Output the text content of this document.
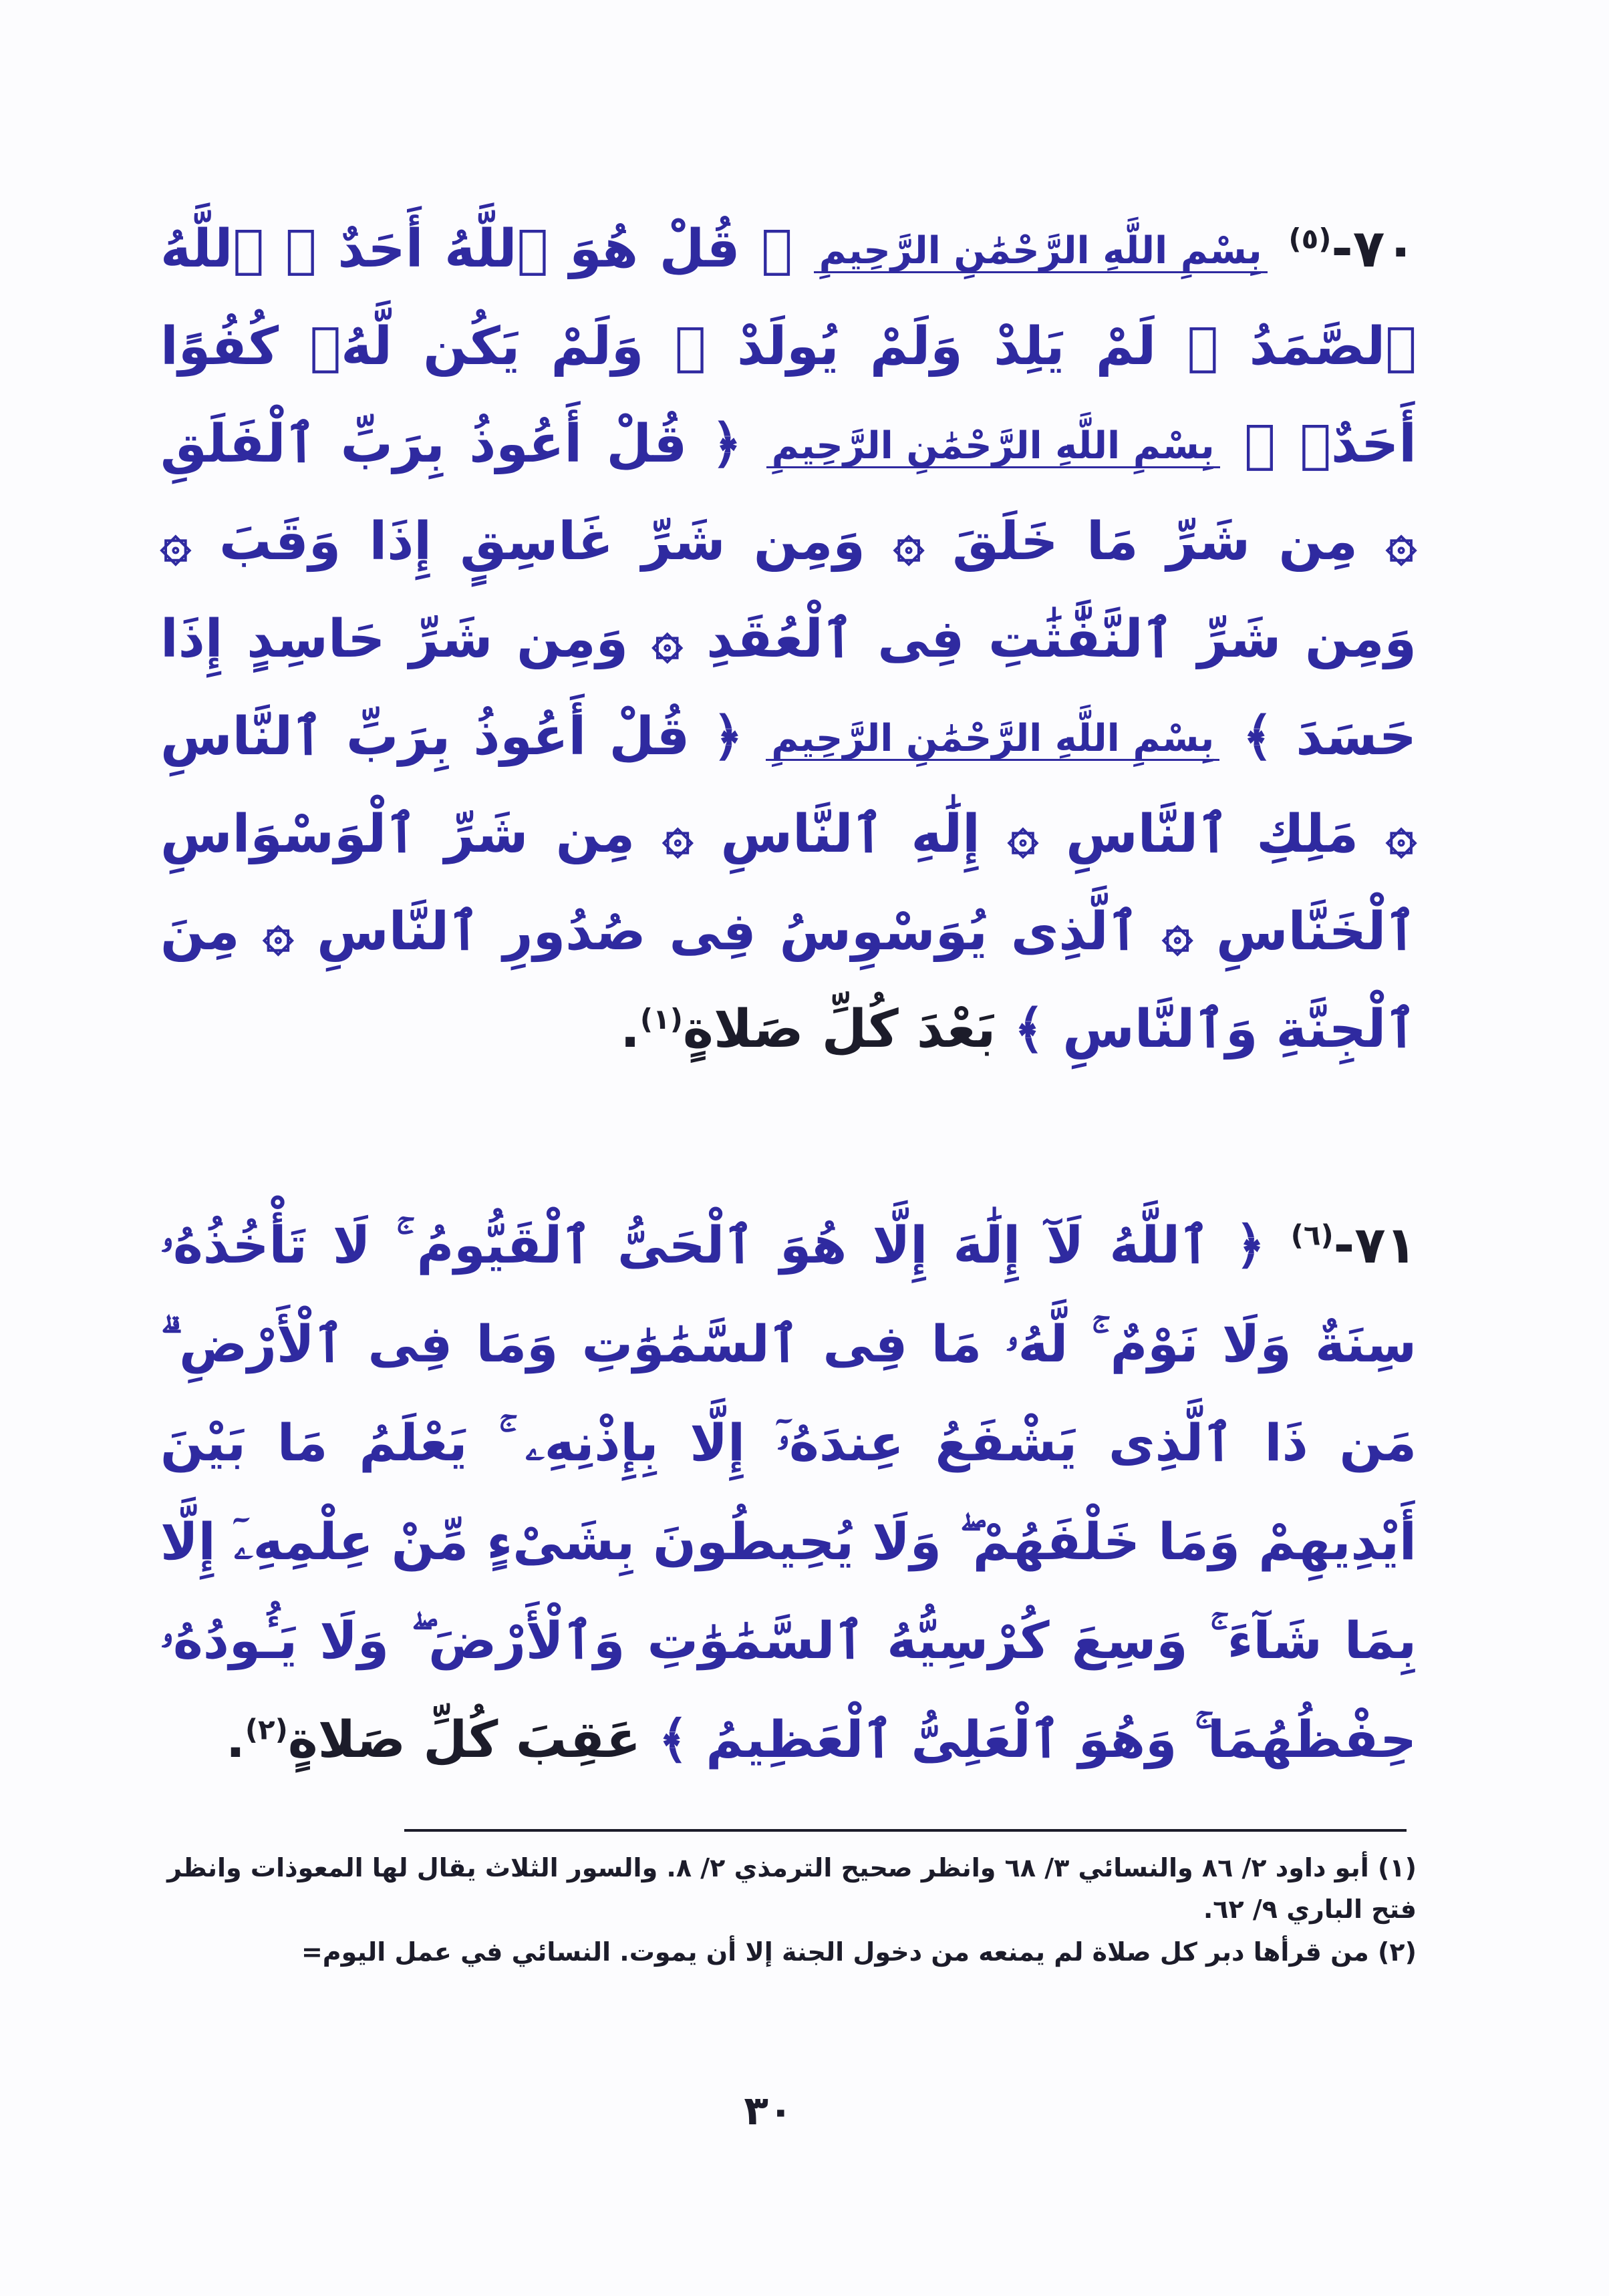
٧٠-$^{(٥)}$ بِسْمِ اللَّهِ الرَّحْمَٰنِ الرَّحِيمِ ﴿ قُلْ هُوَ ٱللَّهُ أَحَدٌ ۞ ٱللَّهُ ٱلصَّمَدُ ۞ لَمْ يَلِدْ وَلَمْ يُولَدْ ۞ وَلَمْ يَكُن لَّهُۥ كُفُوًا أَحَدٌۢ ﴾ بِسْمِ اللَّهِ الرَّحْمَٰنِ الرَّحِيمِ ﴿ قُلْ أَعُوذُ بِرَبِّ ٱلْفَلَقِ ۞ مِن شَرِّ مَا خَلَقَ ۞ وَمِن شَرِّ غَاسِقٍ إِذَا وَقَبَ ۞ وَمِن شَرِّ ٱلنَّفَّٰثَٰتِ فِى ٱلْعُقَدِ ۞ وَمِن شَرِّ حَاسِدٍ إِذَا حَسَدَ ﴾ بِسْمِ اللَّهِ الرَّحْمَٰنِ الرَّحِيمِ ﴿ قُلْ أَعُوذُ بِرَبِّ ٱلنَّاسِ ۞ مَلِكِ ٱلنَّاسِ ۞ إِلَٰهِ ٱلنَّاسِ ۞ مِن شَرِّ ٱلْوَسْوَاسِ ٱلْخَنَّاسِ ۞ ٱلَّذِى يُوَسْوِسُ فِى صُدُورِ ٱلنَّاسِ ۞ مِنَ ٱلْجِنَّةِ وَٱلنَّاسِ ﴾ بَعْدَ كُلِّ صَلاةٍ$^{(١)}$.
٧١-$^{(٦)}$ ﴿ ٱللَّهُ لَآ إِلَٰهَ إِلَّا هُوَ ٱلْحَىُّ ٱلْقَيُّومُ ۚ لَا تَأْخُذُهُۥ سِنَةٌ وَلَا نَوْمٌ ۚ لَّهُۥ مَا فِى ٱلسَّمَٰوَٰتِ وَمَا فِى ٱلْأَرْضِ ۗ مَن ذَا ٱلَّذِى يَشْفَعُ عِندَهُۥٓ إِلَّا بِإِذْنِهِۦ ۚ يَعْلَمُ مَا بَيْنَ أَيْدِيهِمْ وَمَا خَلْفَهُمْ ۖ وَلَا يُحِيطُونَ بِشَىْءٍ مِّنْ عِلْمِهِۦٓ إِلَّا بِمَا شَآءَ ۚ وَسِعَ كُرْسِيُّهُ ٱلسَّمَٰوَٰتِ وَٱلْأَرْضَ ۖ وَلَا يَـُٔودُهُۥ حِفْظُهُمَا ۚ وَهُوَ ٱلْعَلِىُّ ٱلْعَظِيمُ ﴾ عَقِبَ كُلِّ صَلاةٍ$^{(٢)}$.
(١) أبو داود ٢/ ٨٦ والنسائي ٣/ ٦٨ وانظر صحيح الترمذي ٢/ ٨. والسور الثلاث يقال لها المعوذات وانظر فتح الباري ٩/ ٦٢.
(٢) من قرأها دبر كل صلاة لم يمنعه من دخول الجنة إلا أن يموت. النسائي في عمل اليوم=
٣٠
